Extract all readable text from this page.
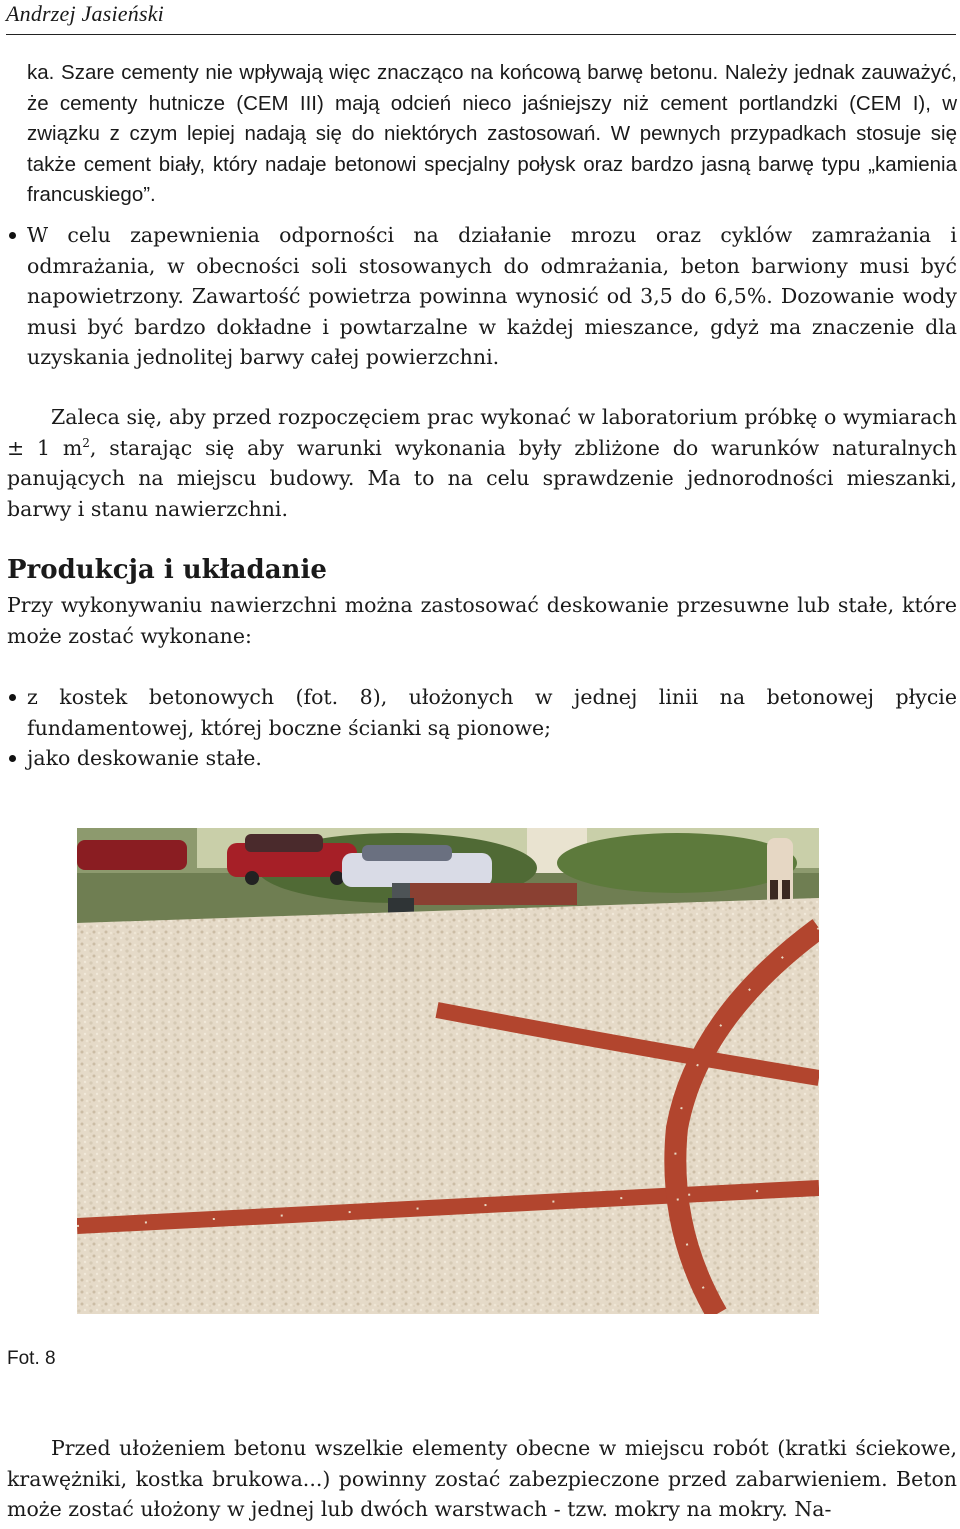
Andrzej Jasieński
ka. Szare cementy nie wpływają więc znacząco na końcową barwę betonu. Należy jednak zauważyć, że cementy hutnicze (CEM III) mają odcień nieco jaśniejszy niż cement portlandzki (CEM I), w związku z czym lepiej nadają się do niektórych zastosowań. W pewnych przypadkach stosuje się także cement biały, który nadaje betonowi specjalny połysk oraz bardzo jasną barwę typu „kamienia francuskiego”.
W celu zapewnienia odporności na działanie mrozu oraz cyklów zamrażania i odmrażania, w obecności soli stosowanych do odmrażania, beton barwiony musi być napowietrzony. Zawartość powietrza powinna wynosić od 3,5 do 6,5%. Dozowanie wody musi być bardzo dokładne i powtarzalne w każdej mieszance, gdyż ma znaczenie dla uzyskania jednolitej barwy całej powierzchni.
Zaleca się, aby przed rozpoczęciem prac wykonać w laboratorium próbkę o wymiarach ± 1 $m^2$, starając się aby warunki wykonania były zbliżone do warunków naturalnych panujących na miejscu budowy. Ma to na celu sprawdzenie jednorodności mieszanki, barwy i stanu nawierzchni.
Produkcja i układanie
Przy wykonywaniu nawierzchni można zastosować deskowanie przesuwne lub stałe, które może zostać wykonane:
z kostek betonowych (fot. 8), ułożonych w jednej linii na betonowej płycie fundamentowej, której boczne ścianki są pionowe;
jako deskowanie stałe.
Fot. 8
Przed ułożeniem betonu wszelkie elementy obecne w miejscu robót (kratki ściekowe, krawężniki, kostka brukowa...) powinny zostać zabezpieczone przed zabarwieniem. Beton może zostać ułożony w jednej lub dwóch warstwach - tzw. mokry na mokry. Na-
